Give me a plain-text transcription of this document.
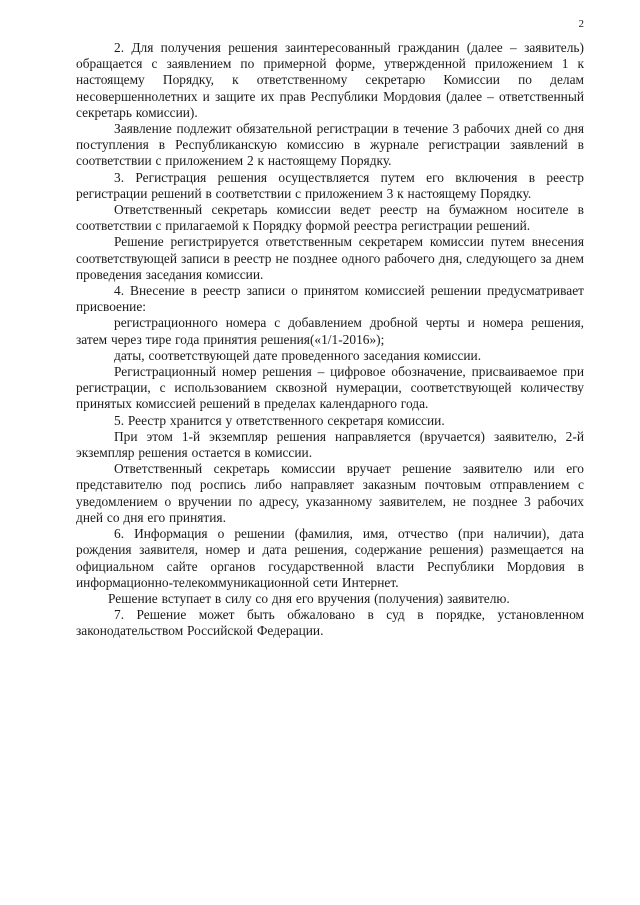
2

2. Для получения решения заинтересованный гражданин (далее – заявитель) обращается с заявлением по примерной форме, утвержденной приложением 1 к настоящему Порядку, к ответственному секретарю Комиссии по делам несовершеннолетних и защите их прав Республики Мордовия (далее – ответственный секретарь комиссии).

Заявление подлежит обязательной регистрации в течение 3 рабочих дней со дня поступления в Республиканскую комиссию в журнале регистрации заявлений в соответствии с приложением 2 к настоящему Порядку.

3. Регистрация решения осуществляется путем его включения в реестр регистрации решений в соответствии с приложением 3 к настоящему Порядку.

Ответственный секретарь комиссии ведет реестр на бумажном носителе в соответствии с прилагаемой к Порядку формой реестра регистрации решений.

Решение регистрируется ответственным секретарем комиссии путем внесения соответствующей записи в реестр не позднее одного рабочего дня, следующего за днем проведения заседания комиссии.

4. Внесение в реестр записи о принятом комиссией решении предусматривает присвоение:

регистрационного номера с добавлением дробной черты и номера решения, затем через тире года принятия решения(«1/1-2016»);

даты, соответствующей дате проведенного заседания комиссии.

Регистрационный номер решения – цифровое обозначение, присваиваемое при регистрации, с использованием сквозной нумерации, соответствующей количеству принятых комиссией решений в пределах календарного года.

5. Реестр хранится у ответственного секретаря комиссии.

При этом 1-й экземпляр решения направляется (вручается) заявителю, 2-й экземпляр решения остается в комиссии.

Ответственный секретарь комиссии вручает решение заявителю или его представителю под роспись либо направляет заказным почтовым отправлением с уведомлением о вручении по адресу, указанному заявителем, не позднее 3 рабочих дней со дня его принятия.

6. Информация о решении (фамилия, имя, отчество (при наличии), дата рождения заявителя, номер и дата решения, содержание решения) размещается на официальном сайте органов государственной власти Республики Мордовия в информационно-телекоммуникационной сети Интернет.

Решение вступает в силу со дня его вручения (получения) заявителю.

7. Решение может быть обжаловано в суд в порядке, установленном законодательством Российской Федерации.
